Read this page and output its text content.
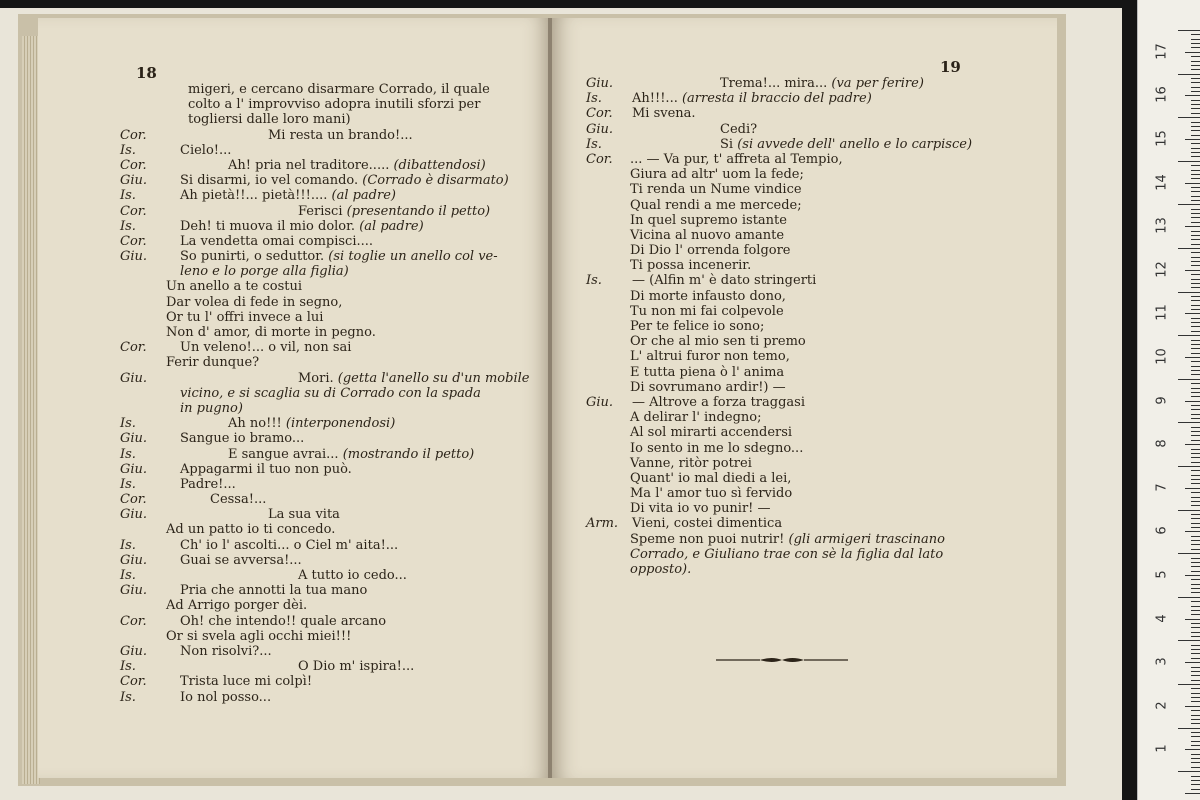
18
migeri, e cercano disarmare Corrado, il quale
colto a l' improvviso adopra inutili sforzi per
togliersi dalle loro mani)
Cor.	Mi resta un brando!...
Is.	Cielo!...
Cor.	Ah! pria nel traditore..... (dibattendosi)
Giu.	Si disarmi, io vel comando. (Corrado è disarmato)
Is.	Ah pietà!!... pietà!!!.... (al padre)
Cor.	Ferisci (presentando il petto)
Is.	Deh! ti muova il mio dolor. (al padre)
Cor.	La vendetta omai compisci....
Giu.	So punirti, o seduttor. (si toglie un anello col ve-
leno e lo porge alla figlia)
Un anello a te costui
Dar volea di fede in segno,
Or tu l' offri invece a lui
Non d' amor, di morte in pegno.
Cor.	Un veleno!... o vil, non sai
Ferir dunque?
Giu.	Mori. (getta l'anello su d'un mobile
vicino, e si scaglia su di Corrado con la spada
in pugno)
Is.	Ah no!!! (interponendosi)
Giu.	Sangue io bramo...
Is.	E sangue avrai... (mostrando il petto)
Giu.	Appagarmi il tuo non può.
Is.	Padre!...
Cor.	Cessa!...
Giu.	La sua vita
Ad un patto io ti concedo.
Is.	Ch' io l' ascolti... o Ciel m' aita!...
Giu.	Guai se avversa!...
Is.	A tutto io cedo...
Giu.	Pria che annotti la tua mano
Ad Arrigo porger dèi.
Cor.	Oh! che intendo!! quale arcano
Or si svela agli occhi miei!!!
Giu.	Non risolvi?...
Is.	O Dio m' ispira!...
Cor.	Trista luce mi colpì!
Is.	Io nol posso...
19
Giu.	Trema!... mira... (va per ferire)
Is. Ah!!!... (arresta il braccio del padre)
Cor. Mi svena.
Giu.	Cedi?
Is.	Si (si avvede dell' anello e lo carpisce)
Cor. ... — Va pur, t' affreta al Tempio,
Giura ad altr' uom la fede;
Ti renda un Nume vindice
Qual rendi a me mercede;
In quel supremo istante
Vicina al nuovo amante
Di Dio l' orrenda folgore
Ti possa incenerir.
Is. — (Alfin m' è dato stringerti
Di morte infausto dono,
Tu non mi fai colpevole
Per te felice io sono;
Or che al mio sen ti premo
L' altrui furor non temo,
E tutta piena ò l' anima
Di sovrumano ardir!) —
Giu. — Altrove a forza traggasi
A delirar l' indegno;
Al sol mirarti accendersi
Io sento in me lo sdegno...
Vanne, ritòr potrei
Quant' io mal diedi a lei,
Ma l' amor tuo sì fervido
Di vita io vo punir! —
Arm. Vieni, costei dimentica
Speme non puoi nutrir! (gli armigeri trascinano
Corrado, e Giuliano trae con sè la figlia dal lato
opposto).
17
16
15
14
13
12
11
10
9
8
7
6
5
4
3
2
1
